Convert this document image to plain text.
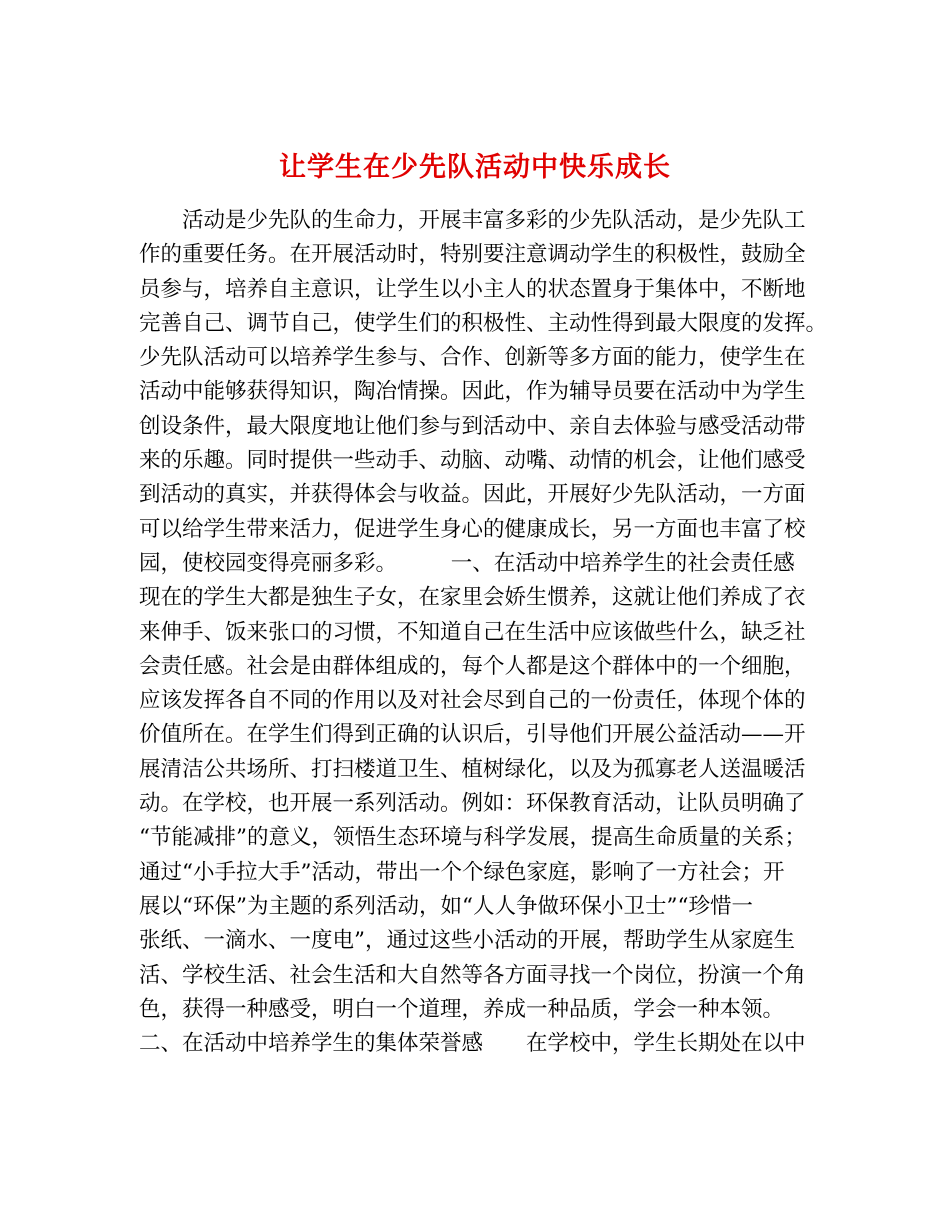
让学生在少先队活动中快乐成长
　　活动是少先队的生命力，开展丰富多彩的少先队活动，是少先队工
作的重要任务。在开展活动时，特别要注意调动学生的积极性，鼓励全
员参与，培养自主意识，让学生以小主人的状态置身于集体中，不断地
完善自己、调节自己，使学生们的积极性、主动性得到最大限度的发挥。
少先队活动可以培养学生参与、合作、创新等多方面的能力，使学生在
活动中能够获得知识，陶冶情操。因此，作为辅导员要在活动中为学生
创设条件，最大限度地让他们参与到活动中、亲自去体验与感受活动带
来的乐趣。同时提供一些动手、动脑、动嘴、动情的机会，让他们感受
到活动的真实，并获得体会与收益。因此，开展好少先队活动，一方面
可以给学生带来活力，促进学生身心的健康成长，另一方面也丰富了校
园，使校园变得亮丽多彩。　　　一、在活动中培养学生的社会责任感
现在的学生大都是独生子女，在家里会娇生惯养，这就让他们养成了衣
来伸手、饭来张口的习惯，不知道自己在生活中应该做些什么，缺乏社
会责任感。社会是由群体组成的，每个人都是这个群体中的一个细胞，
应该发挥各自不同的作用以及对社会尽到自己的一份责任，体现个体的
价值所在。在学生们得到正确的认识后，引导他们开展公益活动——开
展清洁公共场所、打扫楼道卫生、植树绿化，以及为孤寡老人送温暖活
动。在学校，也开展一系列活动。例如：环保教育活动，让队员明确了
“节能减排”的意义，领悟生态环境与科学发展，提高生命质量的关系；
通过“小手拉大手”活动，带出一个个绿色家庭，影响了一方社会；开
展以“环保”为主题的系列活动，如“人人争做环保小卫士”“珍惜一
张纸、一滴水、一度电”，通过这些小活动的开展，帮助学生从家庭生
活、学校生活、社会生活和大自然等各方面寻找一个岗位，扮演一个角
色，获得一种感受，明白一个道理，养成一种品质，学会一种本领。
二、在活动中培养学生的集体荣誉感　　在学校中，学生长期处在以中
